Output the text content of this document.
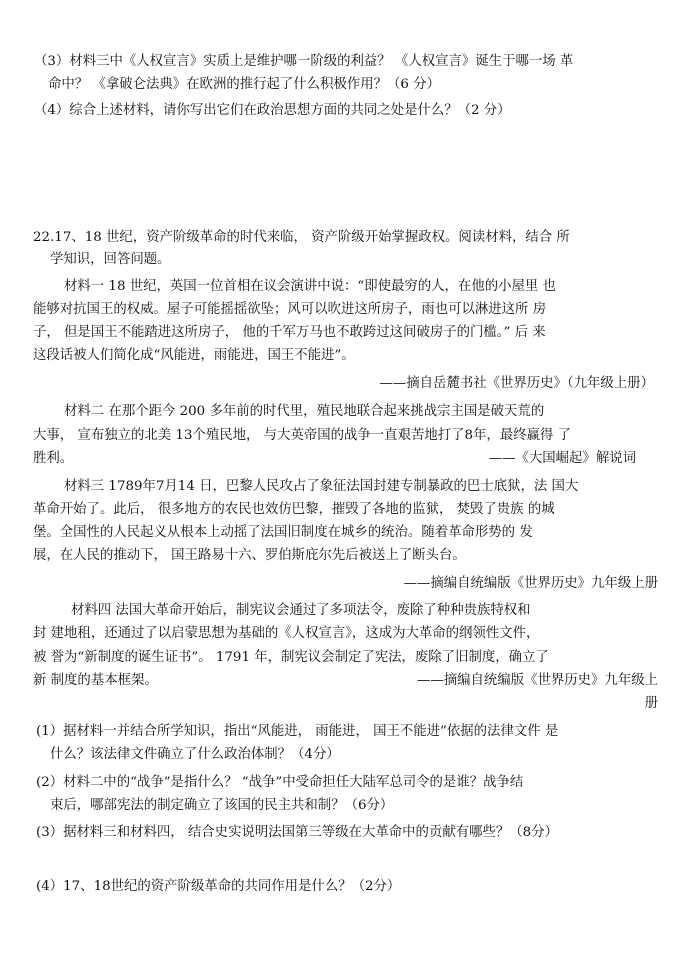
（3）材料三中《人权宣言》实质上是维护哪一阶级的利益？ 《人权宣言》诞生于哪一场 革
命中？ 《拿破仑法典》在欧洲的推行起了什么积极作用？（6 分）
（4）综合上述材料，请你写出它们在政治思想方面的共同之处是什么？（2 分）
22.17、18 世纪，资产阶级革命的时代来临， 资产阶级开始掌握政权。阅读材料，结合 所
学知识，回答问题。
材料一 18 世纪，英国一位首相在议会演讲中说：“即使最穷的人，在他的小屋里 也
能够对抗国王的权威。屋子可能摇摇欲坠；风可以吹进这所房子，雨也可以淋进这所 房
子， 但是国王不能踏进这所房子， 他的千军万马也不敢跨过这间破房子的门槛。” 后 来
这段话被人们简化成“风能进，雨能进，国王不能进”。
——摘自岳麓书社《世界历史》（九年级上册）
材料二 在那个距今 200 多年前的时代里，殖民地联合起来挑战宗主国是破天荒的
大事， 宣布独立的北美 13个殖民地， 与大英帝国的战争一直艰苦地打了8年，最终赢得 了
胜利。	——《大国崛起》解说词
材料三 1789年7月14 日，巴黎人民攻占了象征法国封建专制暴政的巴士底狱，法 国大
革命开始了。此后， 很多地方的农民也效仿巴黎，摧毁了各地的监狱， 焚毁了贵族 的城
堡。全国性的人民起义从根本上动摇了法国旧制度在城乡的统治。随着革命形势的 发
展，在人民的推动下， 国王路易十六、罗伯斯庇尔先后被送上了断头台。
——摘编自统编版《世界历史》九年级上册
材料四 法国大革命开始后，制宪议会通过了多项法令，废除了种种贵族特权和
封 建地租，还通过了以启蒙思想为基础的《人权宣言》，这成为大革命的纲领性文件，
被 誉为“新制度的诞生证书”。 1791 年，制宪议会制定了宪法，废除了旧制度，确立了
新 制度的基本框架。	——摘编自统编版《世界历史》九年级上
册
(1）据材料一并结合所学知识，指出“风能进， 雨能进， 国王不能进”依据的法律文件 是
什么？该法律文件确立了什么政治体制？（4分）
(2）材料二中的“战争”是指什么？ “战争”中受命担任大陆军总司令的是谁？战争结
束后，哪部宪法的制定确立了该国的民主共和制？（6分）
(3）据材料三和材料四， 结合史实说明法国第三等级在大革命中的贡献有哪些？（8分）
(4）17、18世纪的资产阶级革命的共同作用是什么？（2分）
